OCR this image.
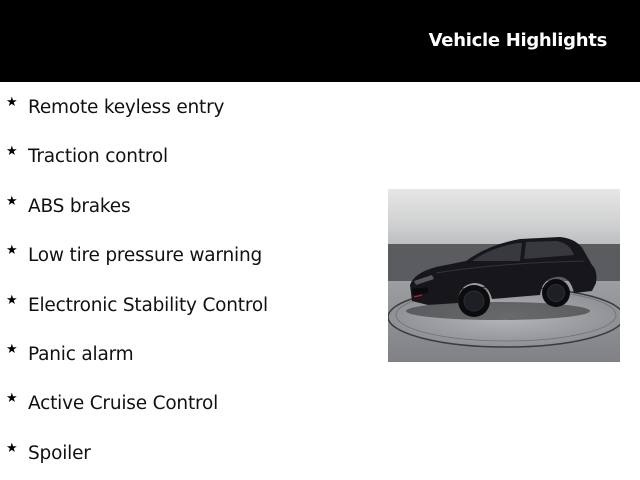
Vehicle Highlights
★ Remote keyless entry
★ Traction control
★ ABS brakes
★ Low tire pressure warning
★ Electronic Stability Control
★ Panic alarm
★ Active Cruise Control
★ Spoiler
